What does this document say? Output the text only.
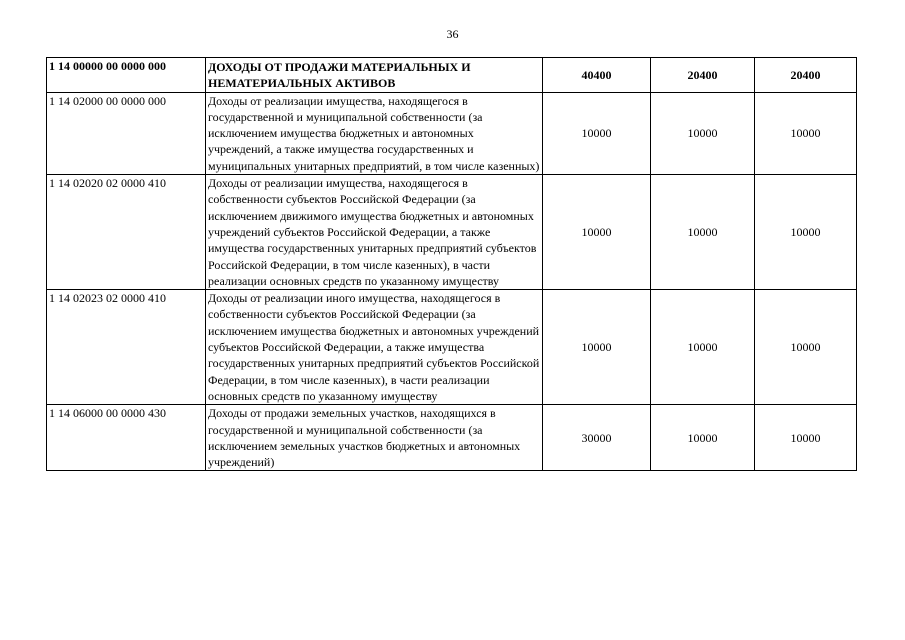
36
1 14 00000 00 0000 000	ДОХОДЫ ОТ ПРОДАЖИ МАТЕРИАЛЬНЫХ И НЕМАТЕРИАЛЬНЫХ АКТИВОВ	40400	20400	20400
1 14 02000 00 0000 000	Доходы от реализации имущества, находящегося в государственной и муниципальной собственности (за исключением имущества бюджетных и автономных учреждений, а также имущества государственных и муниципальных унитарных предприятий, в том числе казенных)	10000	10000	10000
1 14 02020 02 0000 410	Доходы от реализации имущества, находящегося в собственности субъектов Российской Федерации (за исключением движимого имущества бюджетных и автономных учреждений субъектов Российской Федерации, а также имущества государственных унитарных предприятий субъектов Российской Федерации, в том числе казенных), в части реализации основных средств по указанному имуществу	10000	10000	10000
1 14 02023 02 0000 410	Доходы от реализации иного имущества, находящегося в собственности субъектов Российской Федерации (за исключением имущества бюджетных и автономных учреждений субъектов Российской Федерации, а также имущества государственных унитарных предприятий субъектов Российской Федерации, в том числе казенных), в части реализации основных средств по указанному имуществу	10000	10000	10000
1 14 06000 00 0000 430	Доходы от продажи земельных участков, находящихся в государственной и муниципальной собственности (за исключением земельных участков бюджетных и автономных учреждений)	30000	10000	10000
